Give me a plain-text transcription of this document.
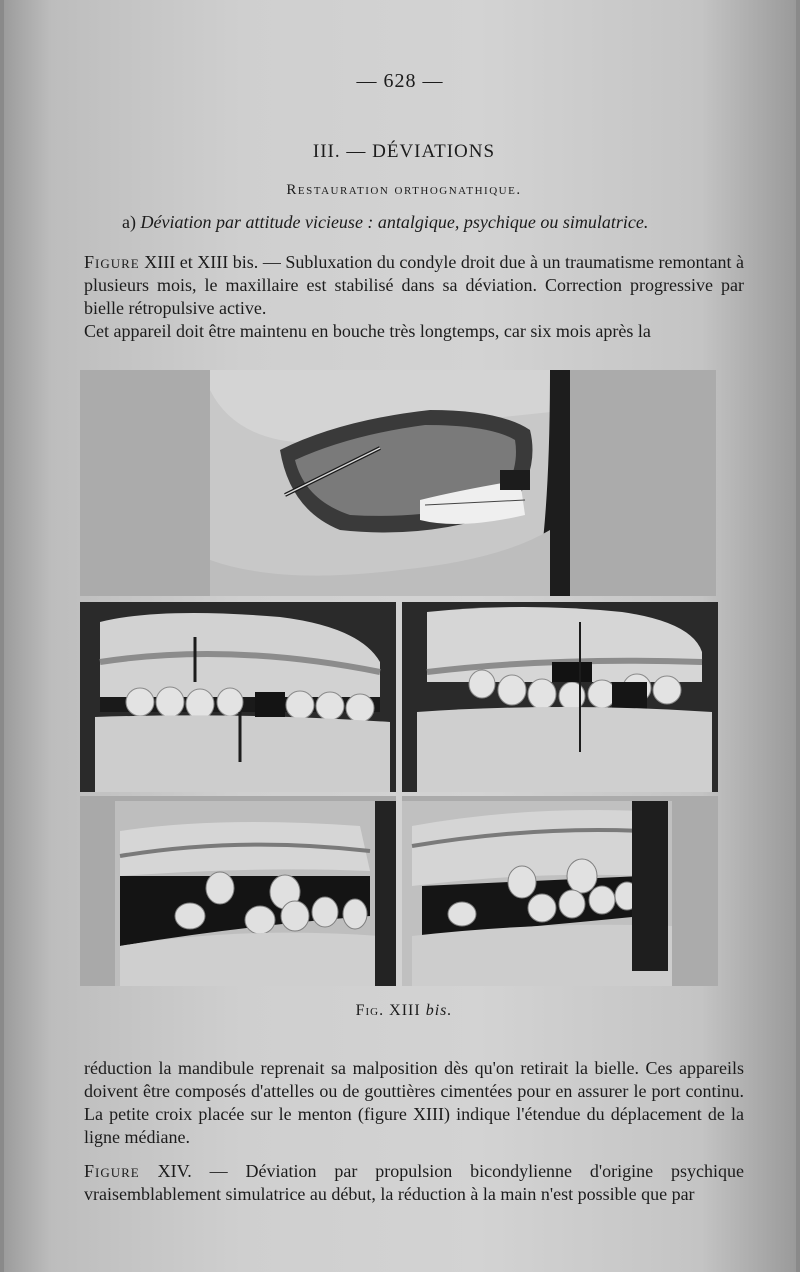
— 628 —
III. — DÉVIATIONS
Restauration orthognathique.
a) Déviation par attitude vicieuse : antalgique, psychique ou simulatrice.
Figure XIII et XIII bis. — Subluxation du condyle droit due à un traumatisme remontant à plusieurs mois, le maxillaire est stabilisé dans sa déviation. Correction progressive par bielle rétropulsive active.
Cet appareil doit être maintenu en bouche très longtemps, car six mois après la
Fig. XIII bis.
réduction la mandibule reprenait sa malposition dès qu'on retirait la bielle. Ces appareils doivent être composés d'attelles ou de gouttières cimentées pour en assurer le port continu. La petite croix placée sur le menton (figure XIII) indique l'étendue du déplacement de la ligne médiane.
Figure XIV. — Déviation par propulsion bicondylienne d'origine psychique vraisemblablement simulatrice au début, la réduction à la main n'est possible que par
